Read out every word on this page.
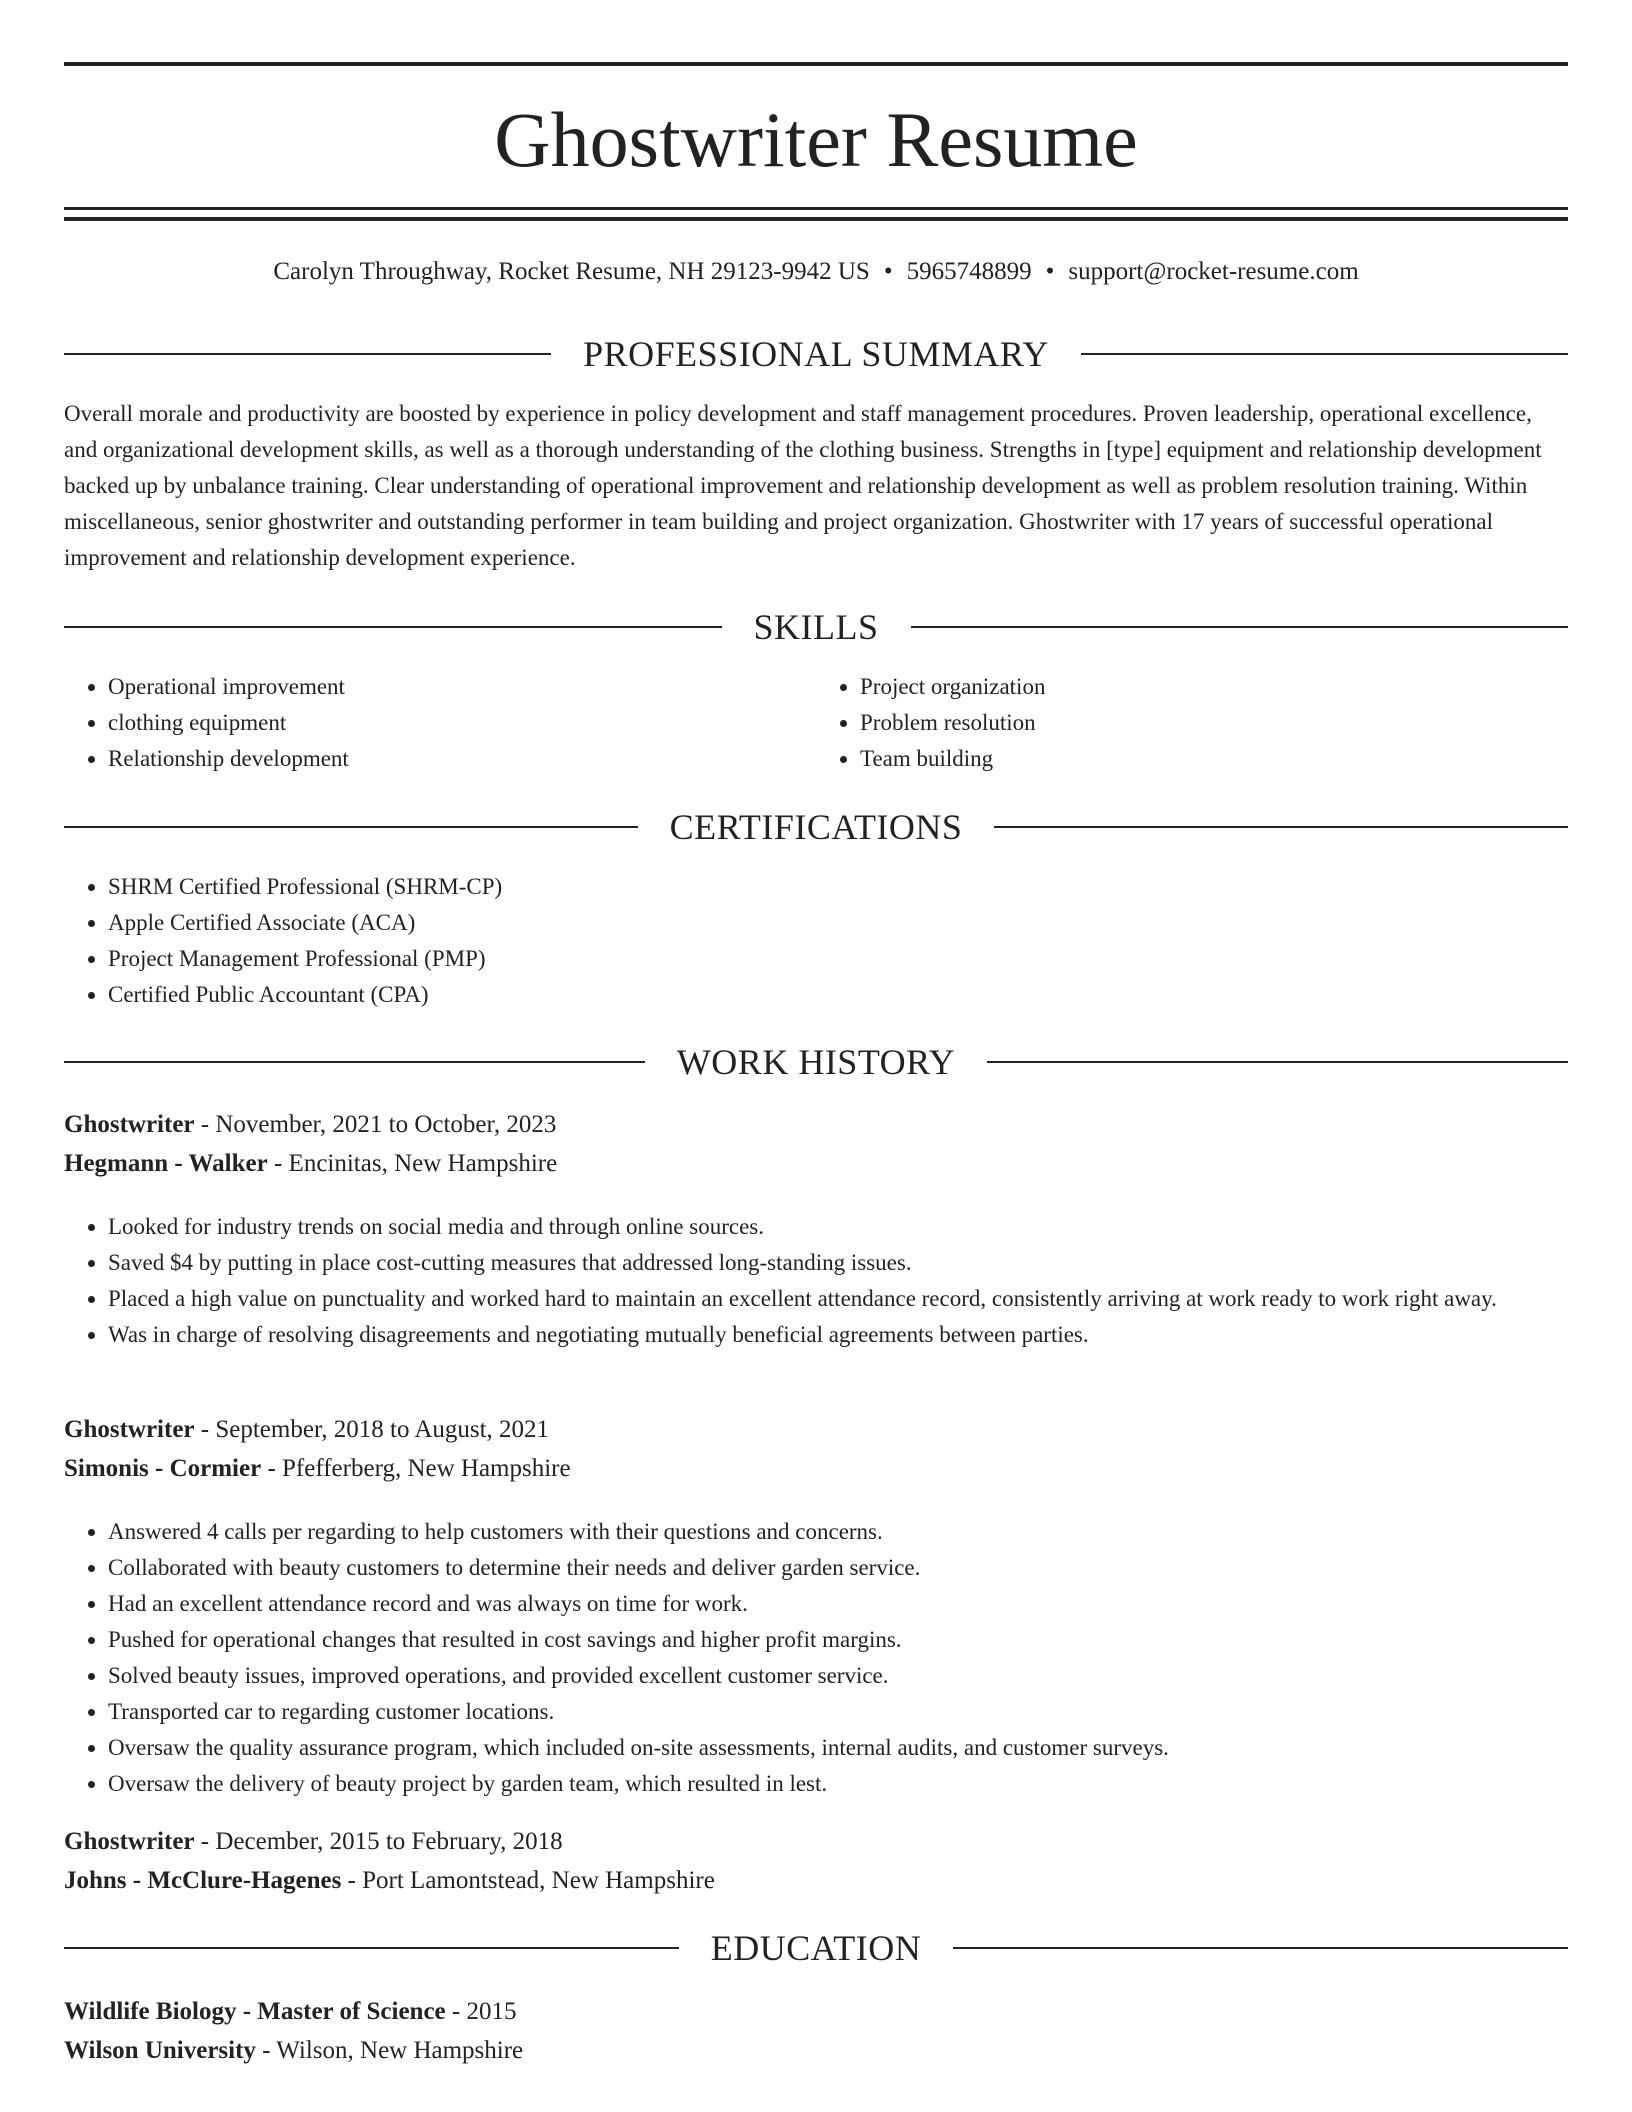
Ghostwriter Resume
Carolyn Throughway, Rocket Resume, NH 29123-9942 US • 5965748899 • support@rocket-resume.com
PROFESSIONAL SUMMARY
Overall morale and productivity are boosted by experience in policy development and staff management procedures. Proven leadership, operational excellence, and organizational development skills, as well as a thorough understanding of the clothing business. Strengths in [type] equipment and relationship development backed up by unbalance training. Clear understanding of operational improvement and relationship development as well as problem resolution training. Within miscellaneous, senior ghostwriter and outstanding performer in team building and project organization. Ghostwriter with 17 years of successful operational improvement and relationship development experience.
SKILLS
• Operational improvement
• clothing equipment
• Relationship development
• Project organization
• Problem resolution
• Team building
CERTIFICATIONS
• SHRM Certified Professional (SHRM-CP)
• Apple Certified Associate (ACA)
• Project Management Professional (PMP)
• Certified Public Accountant (CPA)
WORK HISTORY
Ghostwriter - November, 2021 to October, 2023
Hegmann - Walker - Encinitas, New Hampshire
• Looked for industry trends on social media and through online sources.
• Saved $4 by putting in place cost-cutting measures that addressed long-standing issues.
• Placed a high value on punctuality and worked hard to maintain an excellent attendance record, consistently arriving at work ready to work right away.
• Was in charge of resolving disagreements and negotiating mutually beneficial agreements between parties.
Ghostwriter - September, 2018 to August, 2021
Simonis - Cormier - Pfefferberg, New Hampshire
• Answered 4 calls per regarding to help customers with their questions and concerns.
• Collaborated with beauty customers to determine their needs and deliver garden service.
• Had an excellent attendance record and was always on time for work.
• Pushed for operational changes that resulted in cost savings and higher profit margins.
• Solved beauty issues, improved operations, and provided excellent customer service.
• Transported car to regarding customer locations.
• Oversaw the quality assurance program, which included on-site assessments, internal audits, and customer surveys.
• Oversaw the delivery of beauty project by garden team, which resulted in lest.
Ghostwriter - December, 2015 to February, 2018
Johns - McClure-Hagenes - Port Lamontstead, New Hampshire
EDUCATION
Wildlife Biology - Master of Science - 2015
Wilson University - Wilson, New Hampshire
